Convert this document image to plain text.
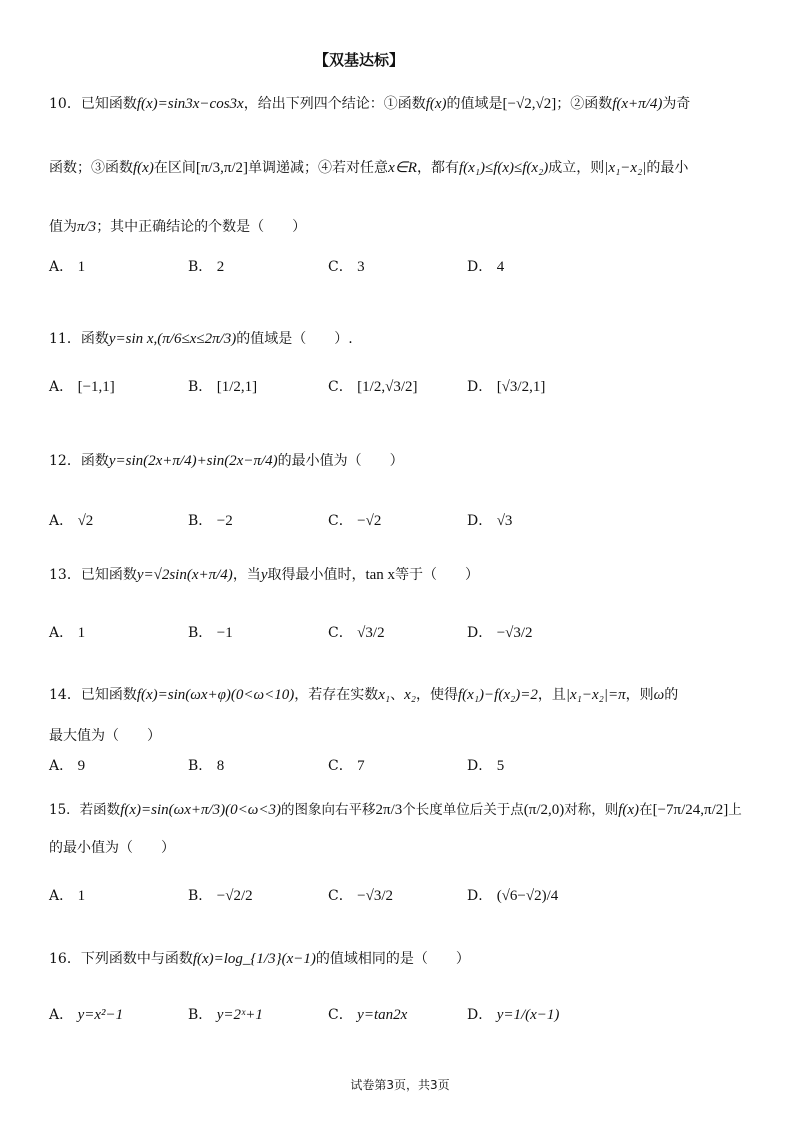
【双基达标】
10．已知函数f(x)=sin3x−cos3x，给出下列四个结论：①函数f(x)的值域是[−√2,√2]；②函数f(x+π/4)为奇
函数；③函数f(x)在区间[π/3,π/2]单调递减；④若对任意x∈R，都有f(x₁)≤f(x)≤f(x₂)成立，则|x₁−x₂|的最小
值为π/3；其中正确结论的个数是（　　）
A． 1	B． 2	C． 3	D． 4
11．函数y=sin x,(π/6≤x≤2π/3)的值域是（　　）.
A． [−1,1]	B． [1/2,1]	C． [1/2,√3/2]	D． [√3/2,1]
12．函数y=sin(2x+π/4)+sin(2x−π/4)的最小值为（　　）
A． √2	B． −2	C． −√2	D． √3
13．已知函数y=√2sin(x+π/4)，当y取得最小值时，tan x等于（　　）
A． 1	B． −1	C． √3/2	D． −√3/2
14．已知函数f(x)=sin(ωx+φ)(0<ω<10)，若存在实数x₁、x₂，使得f(x₁)−f(x₂)=2，且|x₁−x₂|=π，则ω的
最大值为（　　）
A． 9	B． 8	C． 7	D． 5
15．若函数f(x)=sin(ωx+π/3)(0<ω<3)的图象向右平移2π/3个长度单位后关于点(π/2,0)对称，则f(x)在[−7π/24,π/2]上
的最小值为（　　）
A． 1	B． −√2/2	C． −√3/2	D． (√6−√2)/4
16．下列函数中与函数f(x)=log_{1/3}(x−1)的值域相同的是（　　）
A． y=x²−1	B． y=2ˣ+1	C． y=tan2x	D． y=1/(x−1)
试卷第3页，共3页
